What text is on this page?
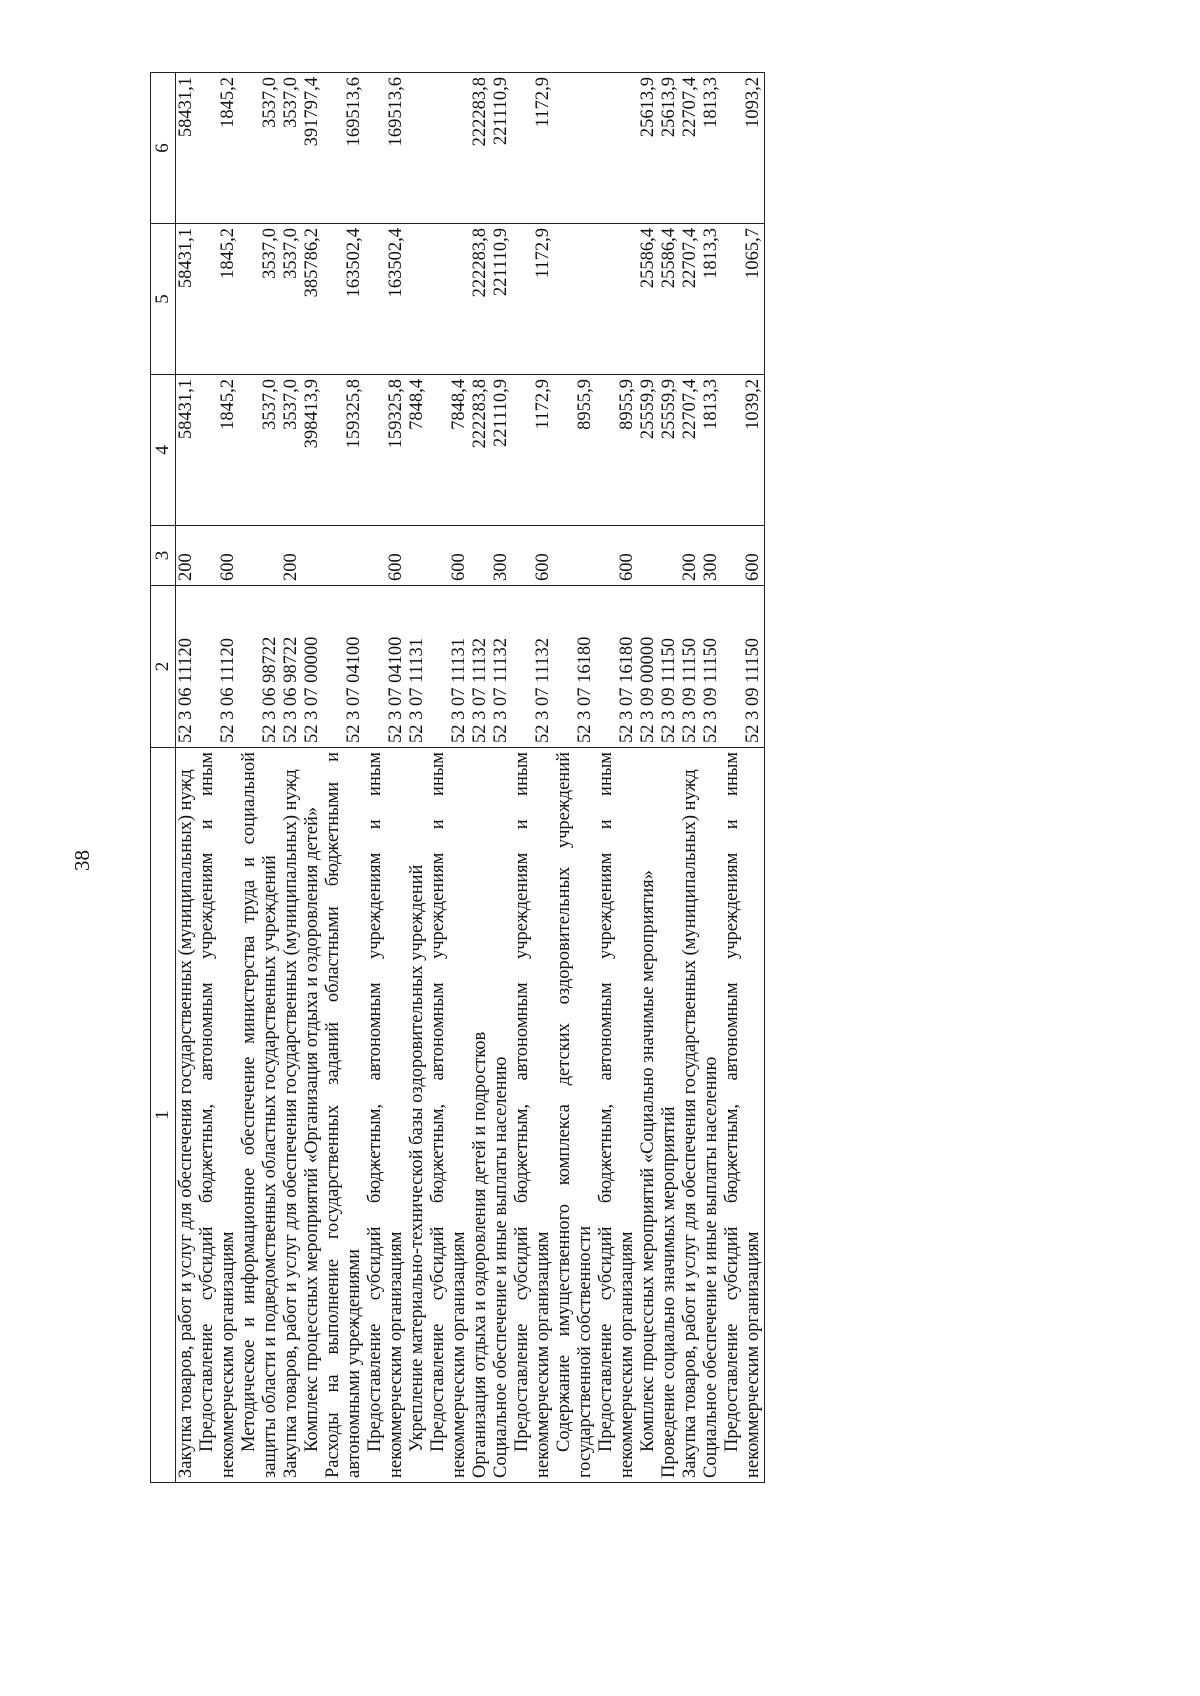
38
1	2	3	4	5	6
Закупка товаров, работ и услуг для обеспечения государственных (муниципальных) нужд	52 3 06 11120	200	58431,1	58431,1	58431,1
Предоставление субсидий бюджетным, автономным учреждениям и иным некоммерческим организациям	52 3 06 11120	600	1845,2	1845,2	1845,2
Методическое и информационное обеспечение министерства труда и социальной защиты области и подведомственных областных государственных учреждений	52 3 06 98722		3537,0	3537,0	3537,0
Закупка товаров, работ и услуг для обеспечения государственных (муниципальных) нужд	52 3 06 98722	200	3537,0	3537,0	3537,0
Комплекс процессных мероприятий «Организация отдыха и оздоровления детей»	52 3 07 00000		398413,9	385786,2	391797,4
Расходы на выполнение государственных заданий областными бюджетными и автономными учреждениями	52 3 07 04100		159325,8	163502,4	169513,6
Предоставление субсидий бюджетным, автономным учреждениям и иным некоммерческим организациям	52 3 07 04100	600	159325,8	163502,4	169513,6
Укрепление материально-технической базы оздоровительных учреждений	52 3 07 11131		7848,4		
Предоставление субсидий бюджетным, автономным учреждениям и иным некоммерческим организациям	52 3 07 11131	600	7848,4		
Организация отдыха и оздоровления детей и подростков	52 3 07 11132		222283,8	222283,8	222283,8
Социальное обеспечение и иные выплаты населению	52 3 07 11132	300	221110,9	221110,9	221110,9
Предоставление субсидий бюджетным, автономным учреждениям и иным некоммерческим организациям	52 3 07 11132	600	1172,9	1172,9	1172,9
Содержание имущественного комплекса детских оздоровительных учреждений государственной собственности	52 3 07 16180		8955,9		
Предоставление субсидий бюджетным, автономным учреждениям и иным некоммерческим организациям	52 3 07 16180	600	8955,9		
Комплекс процессных мероприятий «Социально значимые мероприятия»	52 3 09 00000		25559,9	25586,4	25613,9
Проведение социально значимых мероприятий	52 3 09 11150		25559,9	25586,4	25613,9
Закупка товаров, работ и услуг для обеспечения государственных (муниципальных) нужд	52 3 09 11150	200	22707,4	22707,4	22707,4
Социальное обеспечение и иные выплаты населению	52 3 09 11150	300	1813,3	1813,3	1813,3
Предоставление субсидий бюджетным, автономным учреждениям и иным некоммерческим организациям	52 3 09 11150	600	1039,2	1065,7	1093,2
